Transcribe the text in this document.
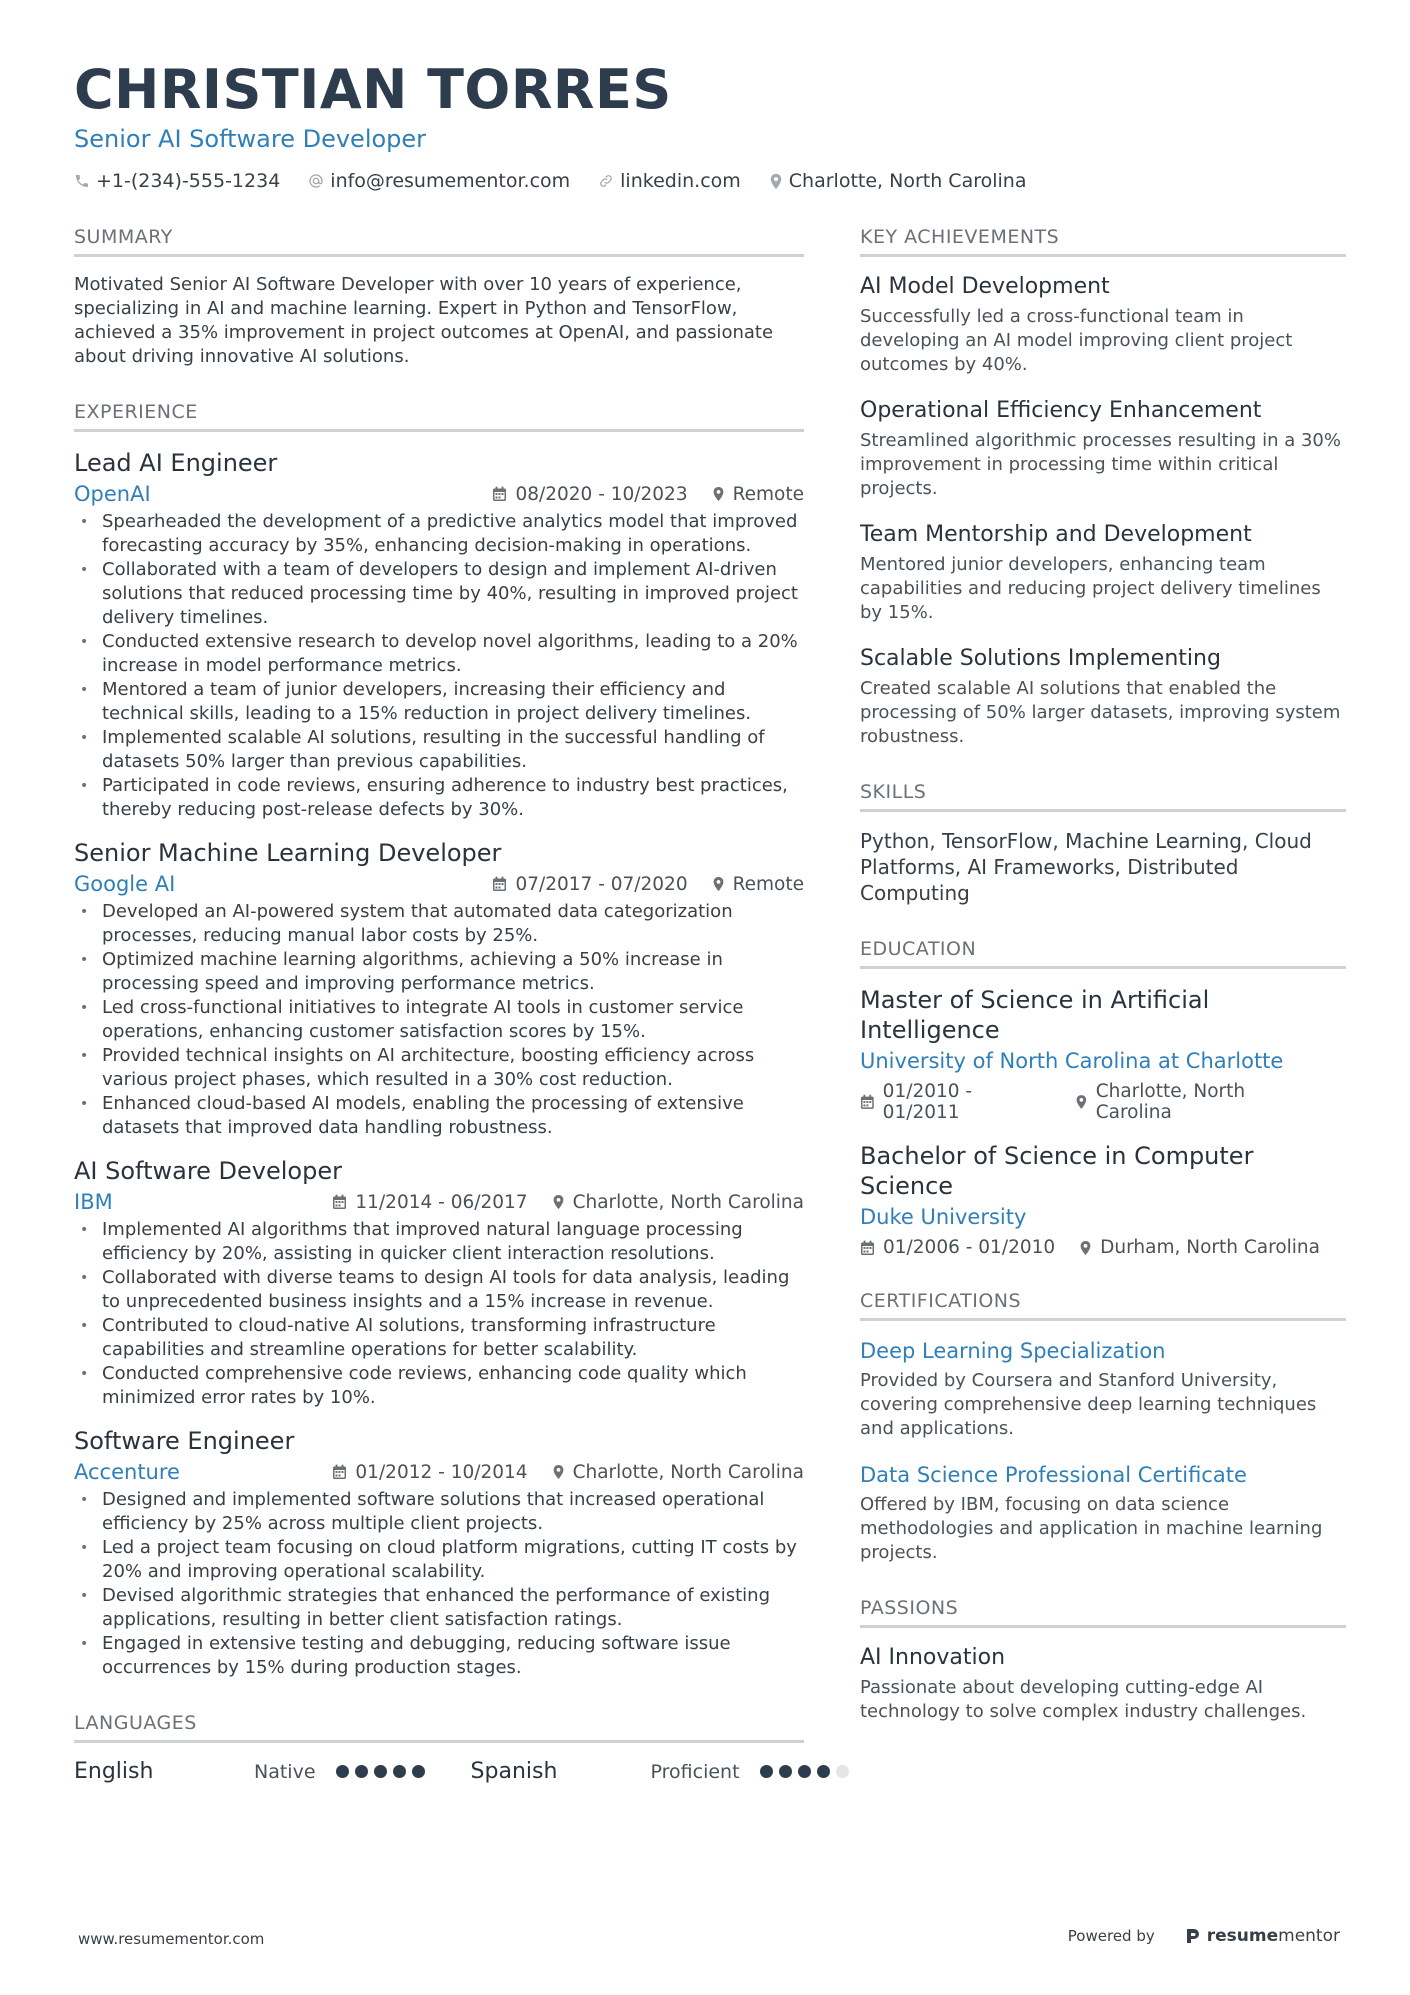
CHRISTIAN TORRES
Senior AI Software Developer
+1-(234)-555-1234	info@resumementor.com	linkedin.com	Charlotte, North Carolina
SUMMARY
Motivated Senior AI Software Developer with over 10 years of experience, specializing in AI and machine learning. Expert in Python and TensorFlow, achieved a 35% improvement in project outcomes at OpenAI, and passionate about driving innovative AI solutions.
EXPERIENCE
Lead AI Engineer
OpenAI	08/2020 - 10/2023 Remote
• Spearheaded the development of a predictive analytics model that improved forecasting accuracy by 35%, enhancing decision-making in operations.
• Collaborated with a team of developers to design and implement AI-driven solutions that reduced processing time by 40%, resulting in improved project delivery timelines.
• Conducted extensive research to develop novel algorithms, leading to a 20% increase in model performance metrics.
• Mentored a team of junior developers, increasing their efficiency and technical skills, leading to a 15% reduction in project delivery timelines.
• Implemented scalable AI solutions, resulting in the successful handling of datasets 50% larger than previous capabilities.
• Participated in code reviews, ensuring adherence to industry best practices, thereby reducing post-release defects by 30%.
Senior Machine Learning Developer
Google AI	07/2017 - 07/2020 Remote
• Developed an AI-powered system that automated data categorization processes, reducing manual labor costs by 25%.
• Optimized machine learning algorithms, achieving a 50% increase in processing speed and improving performance metrics.
• Led cross-functional initiatives to integrate AI tools in customer service operations, enhancing customer satisfaction scores by 15%.
• Provided technical insights on AI architecture, boosting efficiency across various project phases, which resulted in a 30% cost reduction.
• Enhanced cloud-based AI models, enabling the processing of extensive datasets that improved data handling robustness.
AI Software Developer
IBM	11/2014 - 06/2017 Charlotte, North Carolina
• Implemented AI algorithms that improved natural language processing efficiency by 20%, assisting in quicker client interaction resolutions.
• Collaborated with diverse teams to design AI tools for data analysis, leading to unprecedented business insights and a 15% increase in revenue.
• Contributed to cloud-native AI solutions, transforming infrastructure capabilities and streamline operations for better scalability.
• Conducted comprehensive code reviews, enhancing code quality which minimized error rates by 10%.
Software Engineer
Accenture	01/2012 - 10/2014 Charlotte, North Carolina
• Designed and implemented software solutions that increased operational efficiency by 25% across multiple client projects.
• Led a project team focusing on cloud platform migrations, cutting IT costs by 20% and improving operational scalability.
• Devised algorithmic strategies that enhanced the performance of existing applications, resulting in better client satisfaction ratings.
• Engaged in extensive testing and debugging, reducing software issue occurrences by 15% during production stages.
LANGUAGES
English	Native	Spanish	Proficient
KEY ACHIEVEMENTS
AI Model Development
Successfully led a cross-functional team in developing an AI model improving client project outcomes by 40%.
Operational Efficiency Enhancement
Streamlined algorithmic processes resulting in a 30% improvement in processing time within critical projects.
Team Mentorship and Development
Mentored junior developers, enhancing team capabilities and reducing project delivery timelines by 15%.
Scalable Solutions Implementing
Created scalable AI solutions that enabled the processing of 50% larger datasets, improving system robustness.
SKILLS
Python, TensorFlow, Machine Learning, Cloud Platforms, AI Frameworks, Distributed Computing
EDUCATION
Master of Science in Artificial Intelligence
University of North Carolina at Charlotte
01/2010 - 01/2011
Charlotte, North Carolina
Bachelor of Science in Computer Science
Duke University
01/2006 - 01/2010 Durham, North Carolina
CERTIFICATIONS
Deep Learning Specialization
Provided by Coursera and Stanford University, covering comprehensive deep learning techniques and applications.
Data Science Professional Certificate
Offered by IBM, focusing on data science methodologies and application in machine learning projects.
PASSIONS
AI Innovation
Passionate about developing cutting-edge AI technology to solve complex industry challenges.
www.resumementor.com	Powered by	resume mentor
